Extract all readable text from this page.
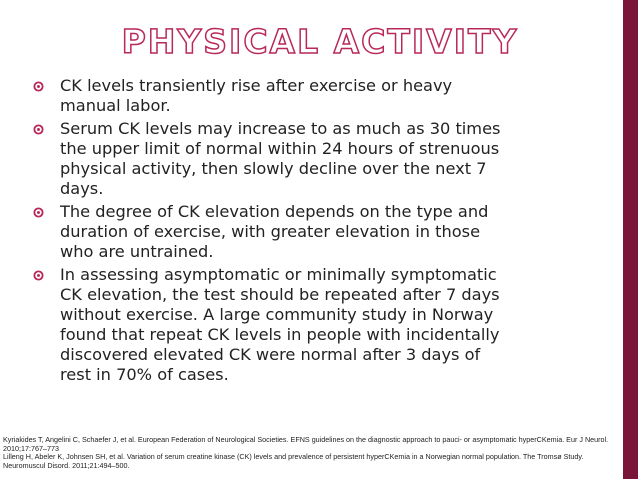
PHYSICAL ACTIVITY
CK levels transiently rise after exercise or heavy manual labor.
Serum CK levels may increase to as much as 30 times the upper limit of normal within 24 hours of strenuous physical activity, then slowly decline over the next 7 days.
The degree of CK elevation depends on the type and duration of exercise, with greater elevation in those who are untrained.
In assessing asymptomatic or minimally symptomatic CK elevation, the test should be repeated after 7 days without exercise. A large community study in Norway found that repeat CK levels in people with incidentally discovered elevated CK were normal after 3 days of rest in 70% of cases.

Kyriakides T, Angelini C, Schaefer J, et al. European Federation of Neurological Societies. EFNS guidelines on the diagnostic approach to pauci- or asymptomatic hyperCKemia. Eur J Neurol. 2010;17:767–773

Lilleng H, Abeler K, Johnsen SH, et al. Variation of serum creatine kinase (CK) levels and prevalence of persistent hyperCKemia in a Norwegian normal population. The Tromsø Study. Neuromuscul Disord. 2011;21:494–500.
